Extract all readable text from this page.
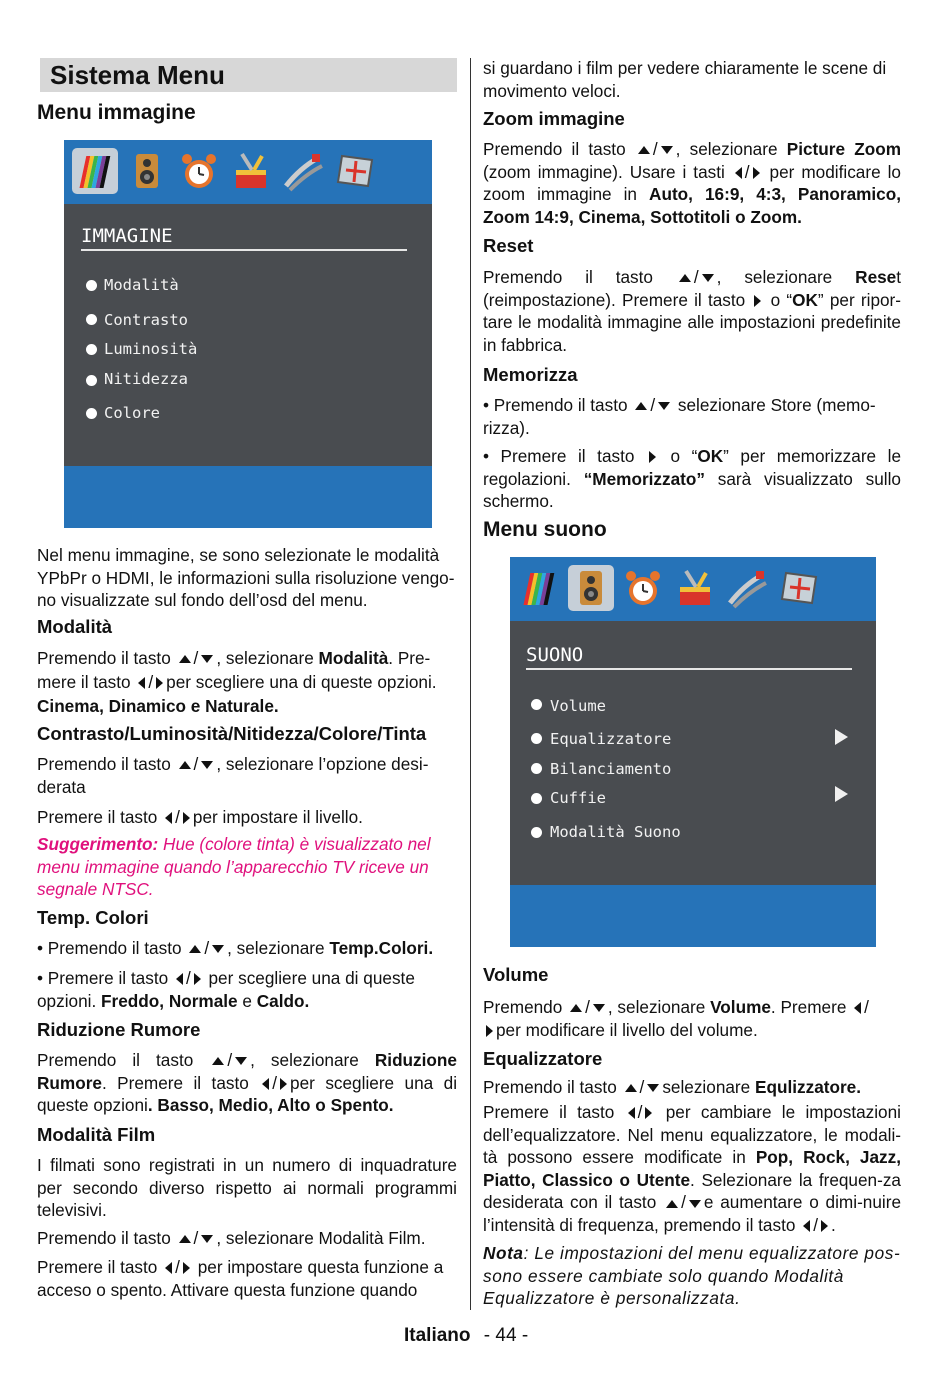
Sistema Menu
Menu immagine
IMMAGINE
Modalità
Contrasto
Luminosità
Nitidezza
Colore

Nel menu immagine, se sono selezionate le modalità YPbPr o HDMI, le informazioni sulla risoluzione vengo-no visualizzate sul fondo dell’osd del menu.

Modalità

Premendo il tasto / , selezionare Modalità. Pre-mere il tasto / per scegliere una di queste opzioni. Cinema, Dinamico e Naturale.

Contrasto/Luminosità/Nitidezza/Colore/Tinta

Premendo il tasto / , selezionare l’opzione desi-derata

Premere il tasto / per impostare il livello.

Suggerimento: Hue (colore tinta) è visualizzato nel menu immagine quando l’apparecchio TV riceve un segnale NTSC.

Temp. Colori

• Premendo il tasto / , selezionare Temp.Colori.

• Premere il tasto / per scegliere una di queste opzioni. Freddo, Normale e Caldo.

Riduzione Rumore

Premendo il tasto / , selezionare Riduzione Rumore. Premere il tasto / per scegliere una di queste opzioni. Basso, Medio, Alto o Spento.

Modalità Film

I filmati sono registrati in un numero di inquadrature per secondo diverso rispetto ai normali programmi televisivi.

Premendo il tasto / , selezionare Modalità Film.

Premere il tasto / per impostare questa funzione a acceso o spento. Attivare questa funzione quando

si guardano i film per vedere chiaramente le scene di movimento veloci.

Zoom immagine

Premendo il tasto / , selezionare Picture Zoom (zoom immagine). Usare i tasti / per modificare lo zoom immagine in Auto, 16:9, 4:3, Panoramico, Zoom 14:9, Cinema, Sottotitoli o Zoom.

Reset

Premendo il tasto / , selezionare Reset (reimpostazione). Premere il tasto o “OK” per ripor-tare le modalità immagine alle impostazioni predefinite in fabbrica.

Memorizza

• Premendo il tasto / selezionare Store (memo-rizza).

• Premere il tasto o “OK” per memorizzare le regolazioni. “Memorizzato” sarà visualizzato sullo schermo.

Menu suono
SUONO
Volume
Equalizzatore
Bilanciamento
Cuffie
Modalità Suono
Volume

Premendo / , selezionare Volume. Premere /
per modificare il livello del volume.

Equalizzatore

Premendo il tasto / selezionare Equlizzatore.

Premere il tasto / per cambiare le impostazioni dell’equalizzatore. Nel menu equalizzatore, le modali-tà possono essere modificate in Pop, Rock, Jazz, Piatto, Classico o Utente. Selezionare la frequen-za desiderata con il tasto / e aumentare o dimi-nuire l’intensità di frequenza, premendo il tasto / .

Nota: Le impostazioni del menu equalizzatore pos-sono essere cambiate solo quando Modalità Equalizzatore è personalizzata.

Italiano - 44 -
